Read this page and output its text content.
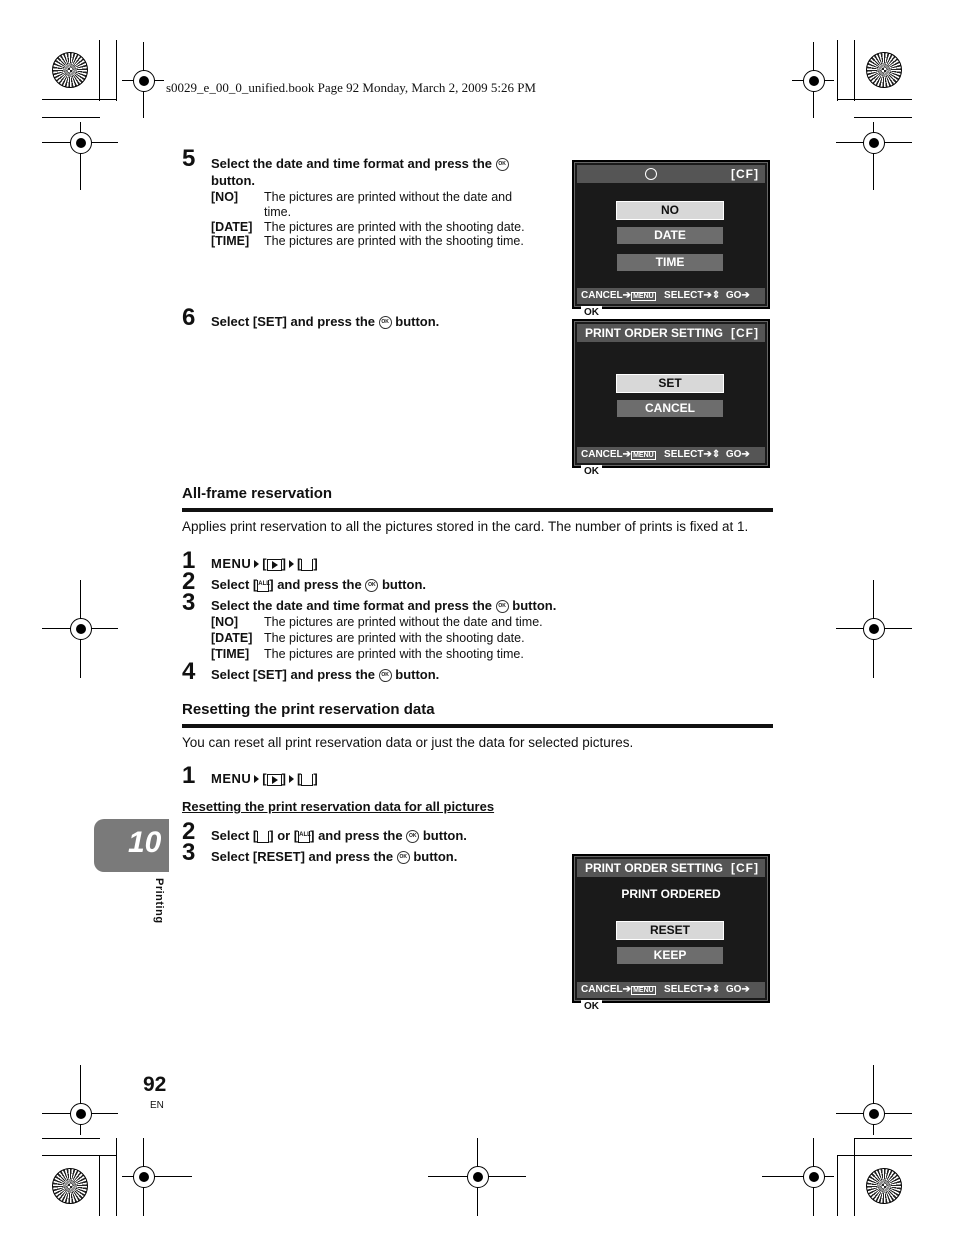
s0029_e_00_0_unified.book Page 92 Monday, March 2, 2009 5:26 PM
5 Select the date and time format and press the OK
button.
[NO]	The pictures are printed without the date and
time.
[DATE] The pictures are printed with the shooting date.
[TIME]	The pictures are printed with the shooting time.
[CF]
NO
DATE
TIME
CANCEL➔ MENU SELECT➔⇕  GO➔OK
6 Select [SET] and press the OK button.
PRINT ORDER SETTING [CF]
SET
CANCEL
CANCEL➔ MENU SELECT➔⇕  GO➔OK
All-frame reservation
Applies print reservation to all the pictures stored in the card. The number of prints is fixed at 1.
1 MENU [ ] [ ]
2 Select [ALL] and press the OK button.
3 Select the date and time format and press the OK button.
[NO]	The pictures are printed without the date and time.
[DATE] The pictures are printed with the shooting date.
[TIME]	The pictures are printed with the shooting time.
4 Select [SET] and press the OK button.
Resetting the print reservation data
You can reset all print reservation data or just the data for selected pictures.
1 MENU [ ] [ ]
Resetting the print reservation data for all pictures
2 Select [ ] or [ALL] and press the OK button.
3 Select [RESET] and press the OK button.
PRINT ORDER SETTING [CF]
PRINT ORDERED
RESET
KEEP
CANCEL➔ MENU SELECT➔⇕  GO➔OK
10
Printing
92
EN
